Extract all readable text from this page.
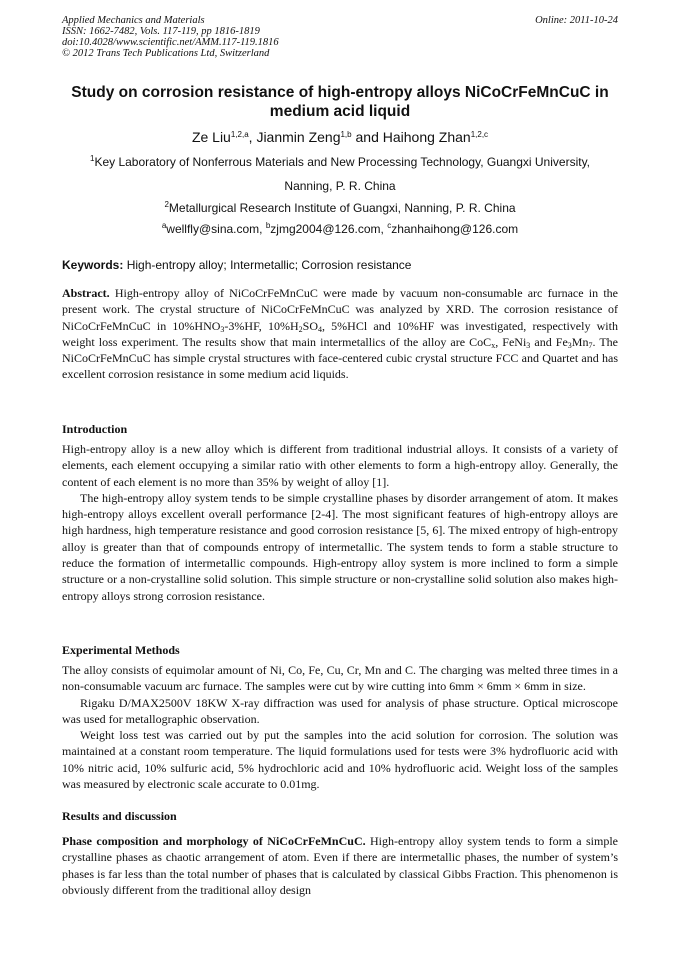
Applied Mechanics and Materials
ISSN: 1662-7482, Vols. 117-119, pp 1816-1819
doi:10.4028/www.scientific.net/AMM.117-119.1816
© 2012 Trans Tech Publications Ltd, Switzerland
Online: 2011-10-24
Study on corrosion resistance of high-entropy alloys NiCoCrFeMnCuC in
medium acid liquid
Ze Liu$^{1,2,a}$, Jianmin Zeng$^{1,b}$ and Haihong Zhan$^{1,2,c}$
$^1$Key Laboratory of Nonferrous Materials and New Processing Technology, Guangxi University,
Nanning, P. R. China
$^2$Metallurgical Research Institute of Guangxi, Nanning, P. R. China
$^a$wellfly@sina.com, $^b$zjmg2004@126.com, $^c$zhanhaihong@126.com
Keywords: High-entropy alloy; Intermetallic; Corrosion resistance
Abstract. High-entropy alloy of NiCoCrFeMnCuC were made by vacuum non-consumable arc furnace in the present work. The crystal structure of NiCoCrFeMnCuC was analyzed by XRD. The corrosion resistance of NiCoCrFeMnCuC in $10\%HNO_3-3\%HF$, $10\%H_2SO_4$, 5%HCl and 10%HF was investigated, respectively with weight loss experiment. The results show that main intermetallics of the alloy are CoC$_x$, FeNi$_3$ and $Fe_3Mn_7$. The NiCoCrFeMnCuC has simple crystal structures with face-centered cubic crystal structure FCC and Quartet and has excellent corrosion resistance in some medium acid liquids.
Introduction
High-entropy alloy is a new alloy which is different from traditional industrial alloys. It consists of a variety of elements, each element occupying a similar ratio with other elements to form a high-entropy alloy. Generally, the content of each element is no more than 35% by weight of alloy [1].
The high-entropy alloy system tends to be simple crystalline phases by disorder arrangement of atom. It makes high-entropy alloys excellent overall performance [2-4]. The most significant features of high-entropy alloys are high hardness, high temperature resistance and good corrosion resistance [5, 6]. The mixed entropy of high-entropy alloy is greater than that of compounds entropy of intermetallic. The system tends to form a stable structure to reduce the formation of intermetallic compounds. High-entropy alloy system is more inclined to form a simple structure or a non-crystalline solid solution. This simple structure or non-crystalline solid solution also makes high-entropy alloys strong corrosion resistance.
Experimental Methods
The alloy consists of equimolar amount of Ni, Co, Fe, Cu, Cr, Mn and C. The charging was melted three times in a non-consumable vacuum arc furnace. The samples were cut by wire cutting into 6mm × 6mm × 6mm in size.
Rigaku D/MAX2500V 18KW X-ray diffraction was used for analysis of phase structure. Optical microscope was used for metallographic observation.
Weight loss test was carried out by put the samples into the acid solution for corrosion. The solution was maintained at a constant room temperature. The liquid formulations used for tests were 3% hydrofluoric acid with 10% nitric acid, 10% sulfuric acid, 5% hydrochloric acid and 10% hydrofluoric acid. Weight loss of the samples was measured by electronic scale accurate to 0.01mg.
Results and discussion
Phase composition and morphology of NiCoCrFeMnCuC. High-entropy alloy system tends to form a simple crystalline phases as chaotic arrangement of atom. Even if there are intermetallic phases, the number of system’s phases is far less than the total number of phases that is calculated by classical Gibbs Fraction. This phenomenon is obviously different from the traditional alloy design
